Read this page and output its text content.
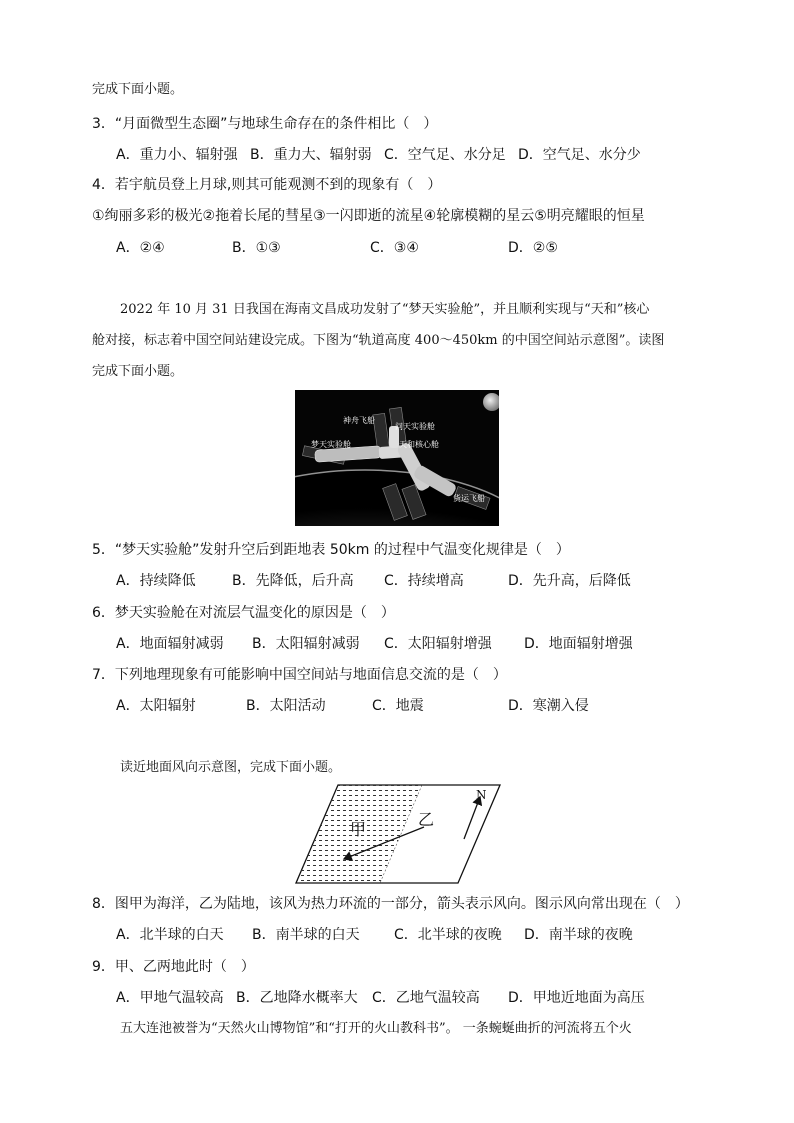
完成下面小题。
3．“月面微型生态圈”与地球生命存在的条件相比（　）
A．重力小、辐射强 B．重力大、辐射弱 C．空气足、水分足 D．空气足、水分少
4．若宇航员登上月球,则其可能观测不到的现象有（　）
①绚丽多彩的极光②拖着长尾的彗星③一闪即逝的流星④轮廓模糊的星云⑤明亮耀眼的恒星
A．②④	B．①③	C．③④	D．②⑤
2022 年 10 月 31 日我国在海南文昌成功发射了“梦天实验舱”，并且顺利实现与“天和”核心
舱对接，标志着中国空间站建设完成。下图为“轨道高度 400～450km 的中国空间站示意图”。读图
完成下面小题。
神舟飞船
问天实验舱
梦天实验舱	天和核心舱
货运飞船
5．“梦天实验舱”发射升空后到距地表 50km 的过程中气温变化规律是（　）
A．持续降低	B．先降低，后升高 C．持续增高	D．先升高，后降低
6．梦天实验舱在对流层气温变化的原因是（　）
A．地面辐射减弱 B．太阳辐射减弱 C．太阳辐射增强 D．地面辐射增强
7．下列地理现象有可能影响中国空间站与地面信息交流的是（　）
A．太阳辐射	B．太阳活动	C．地震	D．寒潮入侵
读近地面风向示意图，完成下面小题。
甲
乙
N
8．图甲为海洋，乙为陆地，该风为热力环流的一部分，箭头表示风向。图示风向常出现在（　）
A．北半球的白天 B．南半球的白天 C．北半球的夜晚 D．南半球的夜晚
9．甲、乙两地此时（　）
A．甲地气温较高 B．乙地降水概率大 C．乙地气温较高 D．甲地近地面为高压
五大连池被誉为“天然火山博物馆”和“打开的火山教科书”。 一条蜿蜒曲折的河流将五个火
